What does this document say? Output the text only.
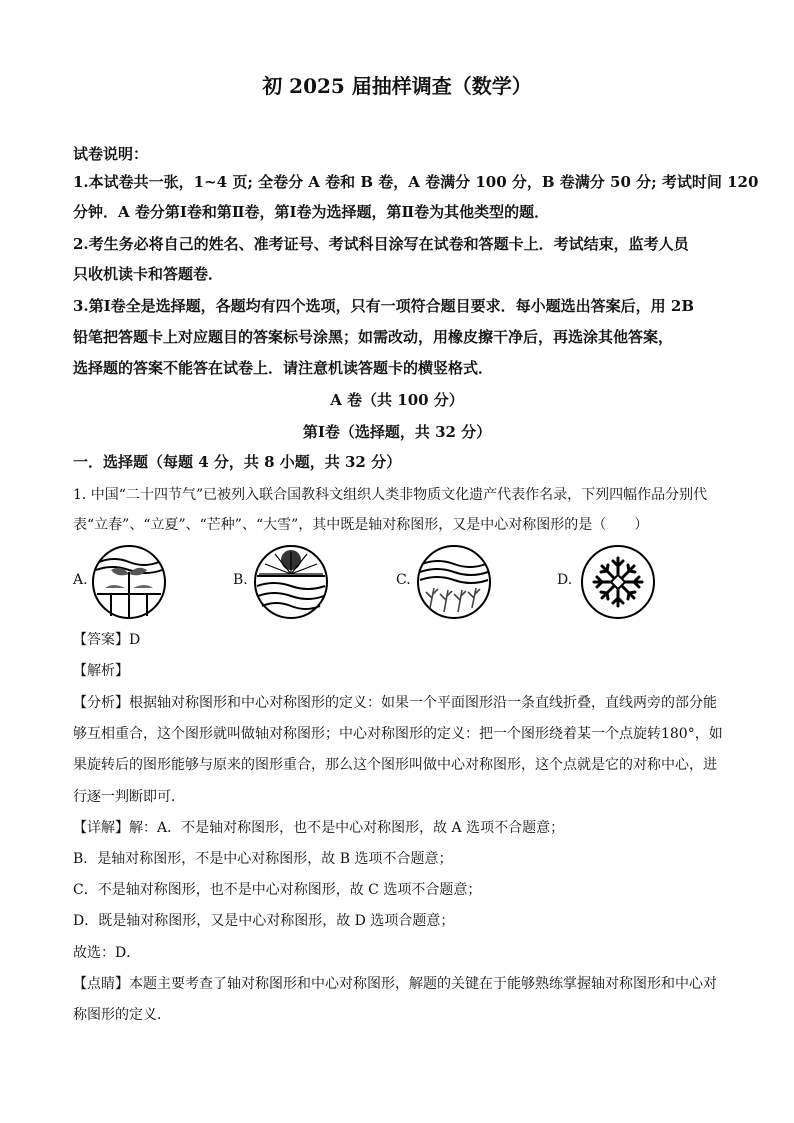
初 2025 届抽样调查（数学）
试卷说明：
1.本试卷共一张，1~4 页; 全卷分 A 卷和 B 卷，A 卷满分 100 分，B 卷满分 50 分; 考试时间 120
分钟．A 卷分第Ⅰ卷和第Ⅱ卷，第Ⅰ卷为选择题，第Ⅱ卷为其他类型的题．
2.考生务必将自己的姓名、准考证号、考试科目涂写在试卷和答题卡上．考试结束，监考人员
只收机读卡和答题卷．
3.第Ⅰ卷全是选择题，各题均有四个选项，只有一项符合题目要求．每小题选出答案后，用 2B
铅笔把答题卡上对应题目的答案标号涂黑；如需改动，用橡皮擦干净后，再选涂其他答案，
选择题的答案不能答在试卷上．请注意机读答题卡的横竖格式．
A 卷（共 100 分）
第Ⅰ卷（选择题，共 32 分）
一．选择题（每题 4 分，共 8 小题，共 32 分）
1. 中国“二十四节气”已被列入联合国教科文组织人类非物质文化遗产代表作名录，下列四幅作品分别代
表“立春”、“立夏”、“芒种”、“大雪”，其中既是轴对称图形，又是中心对称图形的是（　　）
A.	B.	C.	D.
【答案】D
【解析】
【分析】根据轴对称图形和中心对称图形的定义：如果一个平面图形沿一条直线折叠，直线两旁的部分能
够互相重合，这个图形就叫做轴对称图形；中心对称图形的定义：把一个图形绕着某一个点旋转180°，如
果旋转后的图形能够与原来的图形重合，那么这个图形叫做中心对称图形，这个点就是它的对称中心，进
行逐一判断即可．
【详解】解：A．不是轴对称图形，也不是中心对称图形，故 A 选项不合题意；
B．是轴对称图形，不是中心对称图形，故 B 选项不合题意；
C．不是轴对称图形，也不是中心对称图形，故 C 选项不合题意；
D．既是轴对称图形，又是中心对称图形，故 D 选项合题意；
故选：D．
【点睛】本题主要考查了轴对称图形和中心对称图形，解题的关键在于能够熟练掌握轴对称图形和中心对
称图形的定义．
